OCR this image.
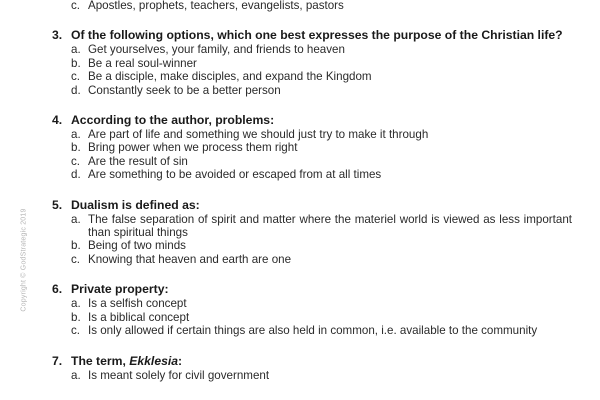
Copyright © GodStrategic 2019
c. Apostles, prophets, teachers, evangelists, pastors
3. Of the following options, which one best expresses the purpose of the Christian life?
a. Get yourselves, your family, and friends to heaven
b. Be a real soul-winner
c. Be a disciple, make disciples, and expand the Kingdom
d. Constantly seek to be a better person
4. According to the author, problems:
a. Are part of life and something we should just try to make it through
b. Bring power when we process them right
c. Are the result of sin
d. Are something to be avoided or escaped from at all times
5. Dualism is defined as:
a. The false separation of spirit and matter where the materiel world is viewed as less important than spiritual things
b. Being of two minds
c. Knowing that heaven and earth are one
6. Private property:
a. Is a selfish concept
b. Is a biblical concept
c. Is only allowed if certain things are also held in common, i.e. available to the community
7. The term, Ekklesia:
a. Is meant solely for civil government
